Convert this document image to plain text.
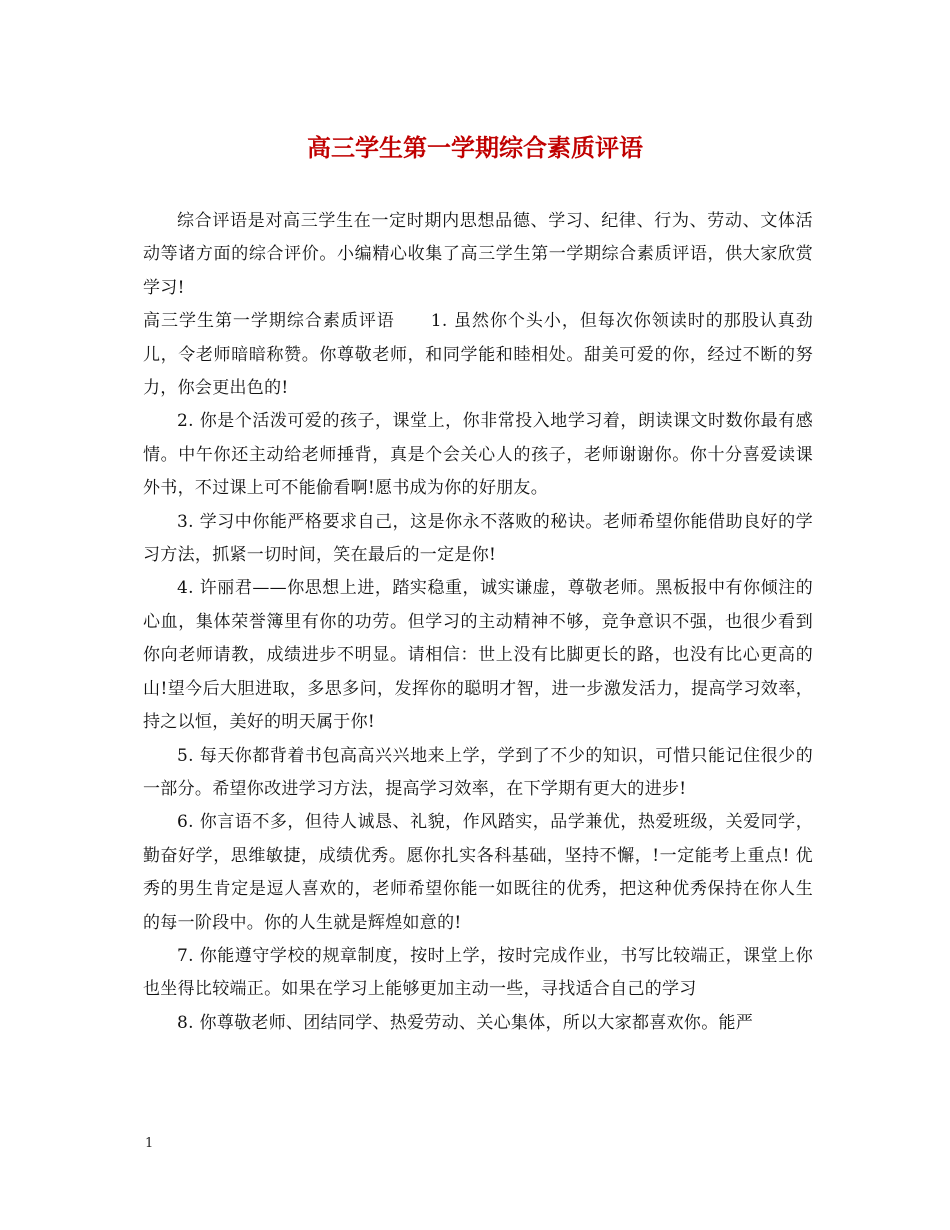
高三学生第一学期综合素质评语

综合评语是对高三学生在一定时期内思想品德、学习、纪律、行为、劳动、文体活动等诸方面的综合评价。小编精心收集了高三学生第一学期综合素质评语，供大家欣赏学习!

高三学生第一学期综合素质评语　　1. 虽然你个头小，但每次你领读时的那股认真劲儿，令老师暗暗称赞。你尊敬老师，和同学能和睦相处。甜美可爱的你，经过不断的努力，你会更出色的!

2. 你是个活泼可爱的孩子，课堂上，你非常投入地学习着，朗读课文时数你最有感情。中午你还主动给老师捶背，真是个会关心人的孩子，老师谢谢你。你十分喜爱读课外书，不过课上可不能偷看啊!愿书成为你的好朋友。

3. 学习中你能严格要求自己，这是你永不落败的秘诀。老师希望你能借助良好的学习方法，抓紧一切时间，笑在最后的一定是你!

4. 许丽君——你思想上进，踏实稳重，诚实谦虚，尊敬老师。黑板报中有你倾注的心血，集体荣誉簿里有你的功劳。但学习的主动精神不够，竞争意识不强，也很少看到你向老师请教，成绩进步不明显。请相信：世上没有比脚更长的路，也没有比心更高的山!望今后大胆进取，多思多问，发挥你的聪明才智，进一步激发活力，提高学习效率，持之以恒，美好的明天属于你!

5. 每天你都背着书包高高兴兴地来上学，学到了不少的知识，可惜只能记住很少的一部分。希望你改进学习方法，提高学习效率，在下学期有更大的进步!

6. 你言语不多，但待人诚恳、礼貌，作风踏实，品学兼优，热爱班级，关爱同学，勤奋好学，思维敏捷，成绩优秀。愿你扎实各科基础，坚持不懈，!一定能考上重点! 优秀的男生肯定是逗人喜欢的，老师希望你能一如既往的优秀，把这种优秀保持在你人生的每一阶段中。你的人生就是辉煌如意的!

7. 你能遵守学校的规章制度，按时上学，按时完成作业，书写比较端正，课堂上你也坐得比较端正。如果在学习上能够更加主动一些，寻找适合自己的学习

8. 你尊敬老师、团结同学、热爱劳动、关心集体，所以大家都喜欢你。能严

1
